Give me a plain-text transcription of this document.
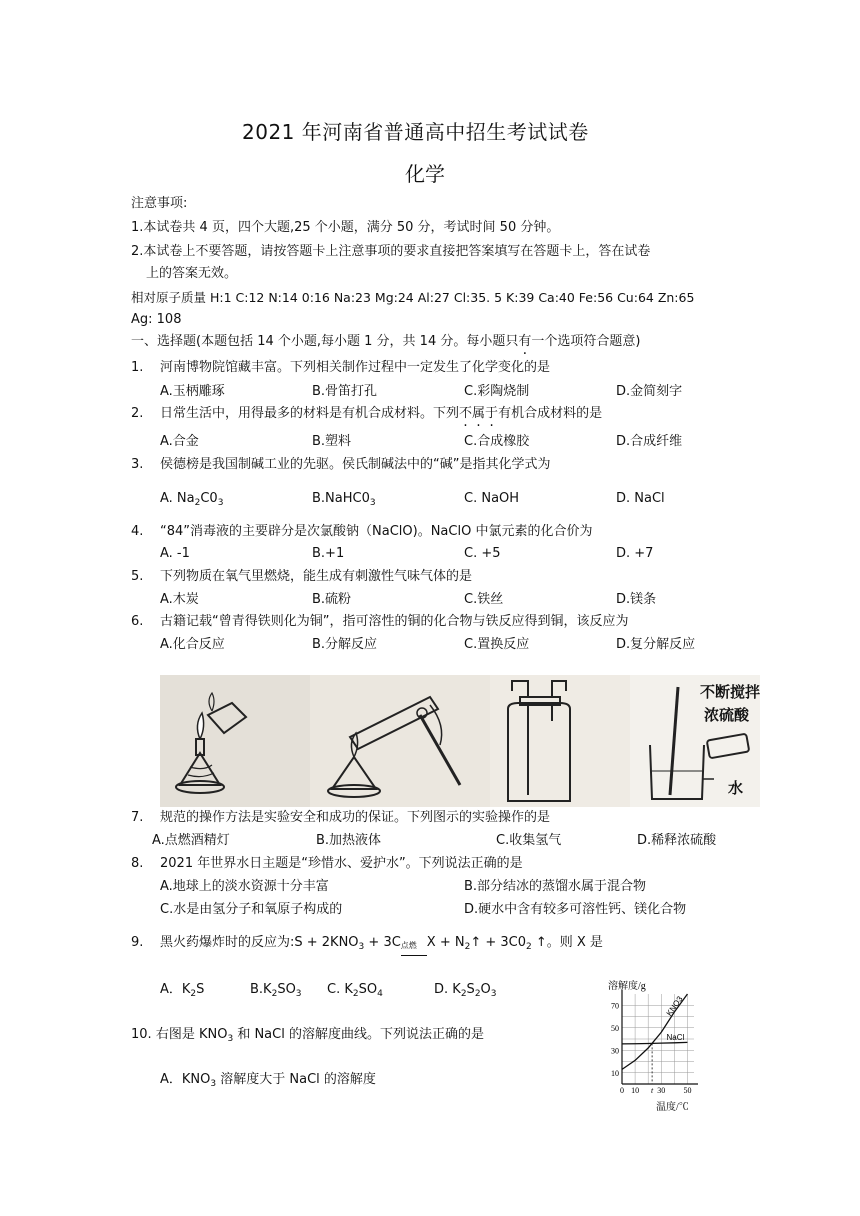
2021 年河南省普通高中招生考试试卷
化学
注意事项:
1.本试卷共 4 页，四个大题,25 个小题，满分 50 分，考试时间 50 分钟。
2.本试卷上不要答题，请按答题卡上注意事项的要求直接把答案填写在答题卡上，答在试卷
上的答案无效。
相对原子质量 H:1 C:12 N:14 0:16 Na:23 Mg:24 Al:27 Cl:35. 5 K:39 Ca:40 Fe:56 Cu:64 Zn:65
Ag: 108
一、选择题(本题包括 14 个小题,每小题 1 分，共 14 分。每小题只有一个选项符合题意)
1. 河南博物院馆藏丰富。下列相关制作过程中一定发生了化学变化的是
A.玉柄雕琢	B.骨笛打孔	C.彩陶烧制	D.金简刻字
2. 日常生活中，用得最多的材料是有机合成材料。下列不属于有机合成材料的是
A.合金	B.塑料	C.合成橡胶	D.合成纤维
3. 侯德榜是我国制碱工业的先驱。侯氏制碱法中的“碱”是指其化学式为
A. $Na_2C0_3$	$B.NaHC0_3$	C. NaOH	D. NaCl
4. “84”消毒液的主要辟分是次氯酸钠（NaClO)。NaClO 中氯元素的化合价为
A. -1	B.+1	C. +5	D. +7
5. 下列物质在氧气里燃烧，能生成有刺激性气味气体的是
A.木炭	B.硫粉	C.铁丝	D.镁条
6. 古籍记载“曾青得铁则化为铜”，指可溶性的铜的化合物与铁反应得到铜，该反应为
A.化合反应	B.分解反应	C.置换反应	D.复分解反应
不断搅拌
浓硫酸
水
7. 规范的操作方法是实验安全和成功的保证。下列图示的实验操作的是
A.点燃酒精灯	B.加热液体	C.收集氢气	D.稀释浓硫酸
8. 2021 年世界水日主题是“珍惜水、爱护水”。下列说法正确的是
A.地球上的淡水资源十分丰富	B.部分结冰的蒸馏水属于混合物
C.水是由氢分子和氧原子构成的	D.硬水中含有较多可溶性钙、镁化合物
9. 黑火药爆炸时的反应为:S + $2KNO_3 + 3C$ 点燃 $X + N_2↑ + 3C0_2$ ↑。则 X 是
A．$K_2S$	$B.K_2SO_3$ C. $K_2SO_4$	D. $K_2S_2O_3$
10. 右图是 $KNO_3$ 和 NaCl 的溶解度曲线。下列说法正确的是
A．$KNO_3$ 溶解度大于 NaCl 的溶解度
溶解度/g
KNO3
NaCl
10
30
50
70
0 10 t 30 50
温度/℃
